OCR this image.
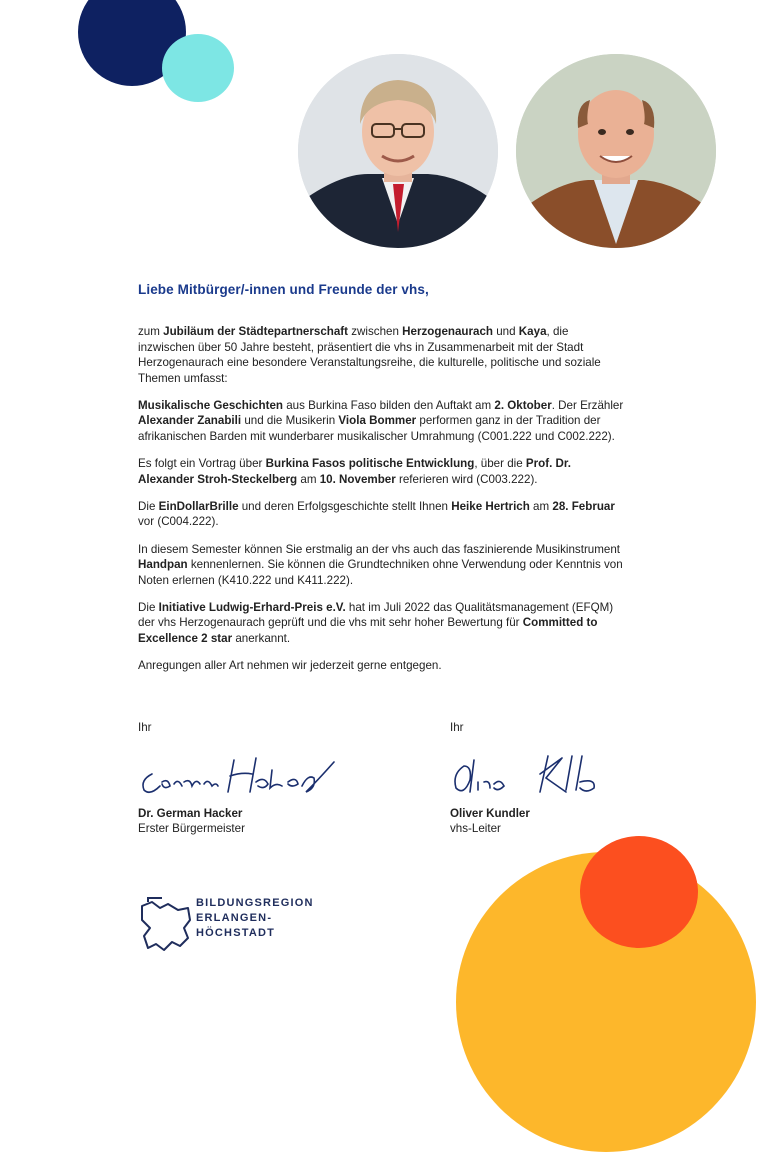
Liebe Mitbürger/-innen und Freunde der vhs,

zum Jubiläum der Städtepartnerschaft zwischen Herzogenaurach und Kaya, die inzwischen über 50 Jahre besteht, präsentiert die vhs in Zusammenarbeit mit der Stadt Herzogenaurach eine besondere Veranstaltungsreihe, die kulturelle, politische und soziale Themen umfasst:

Musikalische Geschichten aus Burkina Faso bilden den Auftakt am 2. Oktober. Der Erzähler Alexander Zanabili und die Musikerin Viola Bommer performen ganz in der Tradition der afrikanischen Barden mit wunderbarer musikalischer Umrahmung (C001.222 und C002.222).

Es folgt ein Vortrag über Burkina Fasos politische Entwicklung, über die Prof. Dr. Alexander Stroh-Steckelberg am 10. November referieren wird (C003.222).

Die EinDollarBrille und deren Erfolgsgeschichte stellt Ihnen Heike Hertrich am 28. Februar vor (C004.222).

In diesem Semester können Sie erstmalig an der vhs auch das faszinierende Musikinstrument Handpan kennenlernen. Sie können die Grundtechniken ohne Verwendung oder Kenntnis von Noten erlernen (K410.222 und K411.222).

Die Initiative Ludwig-Erhard-Preis e.V. hat im Juli 2022 das Qualitätsmanagement (EFQM) der vhs Herzogenaurach geprüft und die vhs mit sehr hoher Bewertung für Committed to Excellence 2 star anerkannt.

Anregungen aller Art nehmen wir jederzeit gerne entgegen.

Ihr
Dr. German Hacker
Erster Bürgermeister
Ihr
Oliver Kundler
vhs-Leiter
BILDUNGSREGION
ERLANGEN-HÖCHSTADT
